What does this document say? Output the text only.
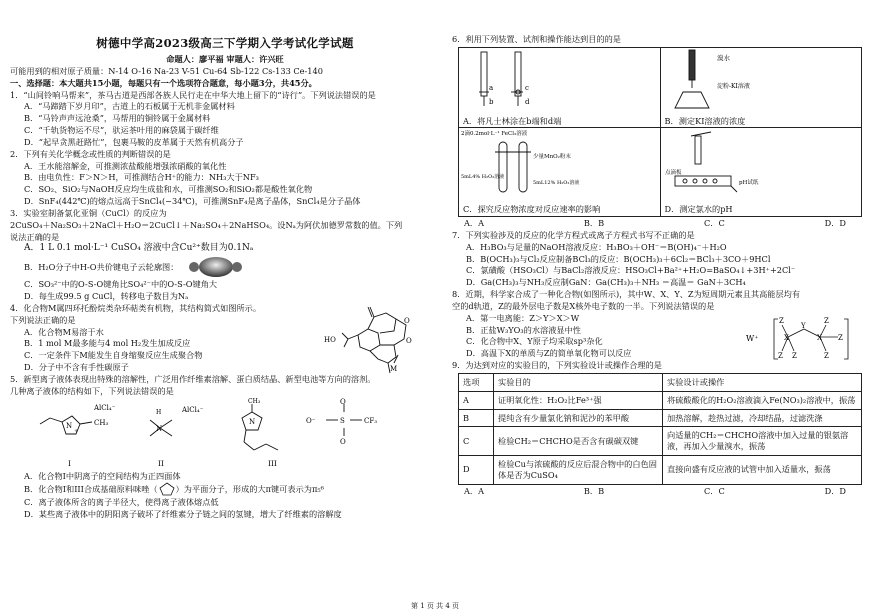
树德中学高2023级高三下学期入学考试化学试题
命题人：廖平福 审题人：许兴旺
可能用到的相对原子质量：N-14 O-16 Na-23 V-51 Cu-64 Sb-122 Cs-133 Ce-140
一、选择题：本大题共15小题，每题只有一个选项符合题意，每小题3分，共45分。
1．“山间铃响马帮来”，茶马古道是西部各族人民行走在中华大地上留下的“诗行”。下列说法错误的是
A．“马蹄踏下岁月印”，古道上的石板属于无机非金属材料
B．“马铃声声远沧桑”，马帮用的铜铃属于金属材料
C．“千轨货物运不尽”，驮运茶叶用的麻袋属于碳纤维
D．“起早贪黑赶路忙”，包裹马鞍的皮革属于天然有机高分子
2．下列有关化学概念或性质的判断错误的是
A．王水能溶解金，可推测浓盐酸能增强浓硝酸的氧化性
B．由电负性：F＞N＞H，可推测结合H⁺的能力：NH₃大于NF₃
C．SO₂、SiO₂与NaOH反应均生成盐和水，可推测SO₂和SiO₂都是酸性氧化物
D．SnF₄(442℃)的熔点远高于SnCl₄(−34℃)，可推测SnF₄是离子晶体，SnCl₄是分子晶体
3．实验室制备氯化亚铜（CuCl）的反应为
2CuSO₄＋Na₂SO₃＋2NaCl＋H₂O＝2CuCl↓＋Na₂SO₄＋2NaHSO₄。设Nₐ为阿伏加德罗常数的值。下列
说法正确的是
A．1 L 0.1 mol·L⁻¹ CuSO₄ 溶液中含Cu²⁺数目为0.1Nₐ
B．H₂O分子中H-O共价键电子云轮廓图：
C．SO₃²⁻中的O-S-O键角比SO₄²⁻中的O-S-O键角大
D．每生成99.5 g CuCl，转移电子数目为Nₐ
4．化合物M属四环托酚烷类杂环萜类有机物，其结构简式如图所示。
下列说法正确的是
A．化合物M易溶于水
B．1 mol M最多能与4 mol H₂发生加成反应
C．一定条件下M能发生自身缩聚反应生成聚合物
D．分子中不含有手性碳原子
HO
O
O
M
5．新型离子液体表现出特殊的溶解性，广泛用作纤维素溶解、蛋白质结晶、新型电池等方向的溶剂。
几种离子液体的结构如下，下列说法错误的是
N
+
CH₃
AlCl₄⁻
N
H	AlCl₄⁻
N
CH₃
O⁻	S
O
O
CF₃
I	II	III
A．化合物I中阴离子的空间结构为正四面体
B．化合物I和III合成基础原料咪唑（ ）为平面分子，形成的大π键可表示为π₅⁶
C．离子液体所含的离子半径大，使得离子液体熔点低
D．某些离子液体中的阴阳离子破坏了纤维素分子链之间的氢键，增大了纤维素的溶解度
6．利用下列装置、试剂和操作能达到目的的是
a
b
c
d
A．将凡士林涂在b端和d端	溴水
淀粉-KI溶液
B．测定KI溶液的浓度

2滴0.2mol·L⁻¹ FeCl₃溶液
5mL4% H₂O₂溶液
少量MnO₂粉末
5mL12% H₂O₂溶液
C．探究反应物浓度对反应速率的影响	点滴板
pH试纸
D．测定氯水的pH
A．A	B．B	C．C	D．D
7．下列实验涉及的反应的化学方程式或离子方程式书写不正确的是
A．H₃BO₃与足量的NaOH溶液反应：H₃BO₃＋OH⁻＝B(OH)₄⁻＋H₂O
B．B(OCH₃)₃与Cl₂反应制备BCl₃的反应：B(OCH₃)₃＋6Cl₂＝BCl₃＋3CO＋9HCl
C．氯磺酸（HSO₃Cl）与BaCl₂溶液反应：HSO₃Cl+Ba²⁺+H₂O=BaSO₄↓+3H⁺+2Cl⁻
D．Ga(CH₃)₃与NH₃反应制GaN：Ga(CH₃)₃＋NH₃ ＝高温＝ GaN＋3CH₄
8．近期，科学家合成了一种化合物(如图所示)，其中W、X、Y、Z为短周期元素且其高能层均有
空的d轨道，Z的最外层电子数是X核外电子数的一半。下列说法错误的是
A．第一电离能：Z＞Y＞X＞W
B．正盐W₃YO₃的水溶液显中性
C．化合物中X、Y原子均采取sp³杂化
D．高温下X的单质与Z的简单氧化物可以反应
W⁺	X
Y
X
Z
Z Z
Z
Z
Z
9．为达到对应的实验目的，下列实验设计或操作合理的是
选项	实验目的	实验设计或操作
A	证明氧化性：H₂O₂比Fe³⁺强	将硫酸酸化的H₂O₂溶液滴入Fe(NO₃)₂溶液中，振荡
B	提纯含有少量氯化钠和泥沙的苯甲酸	加热溶解，趁热过滤，冷却结晶，过滤洗涤
C	检验CH₂＝CHCHO是否含有碳碳双键	向适量的CH₂＝CHCHO溶液中加入过量的银氨溶液，再加入少量溴水，振荡
D	检验Cu与浓硫酸的反应后混合物中的白色固体是否为CuSO₄	直接向盛有反应液的试管中加入适量水，振荡
A．A	B．B	C．C	D．D
第 1 页 共 4 页
